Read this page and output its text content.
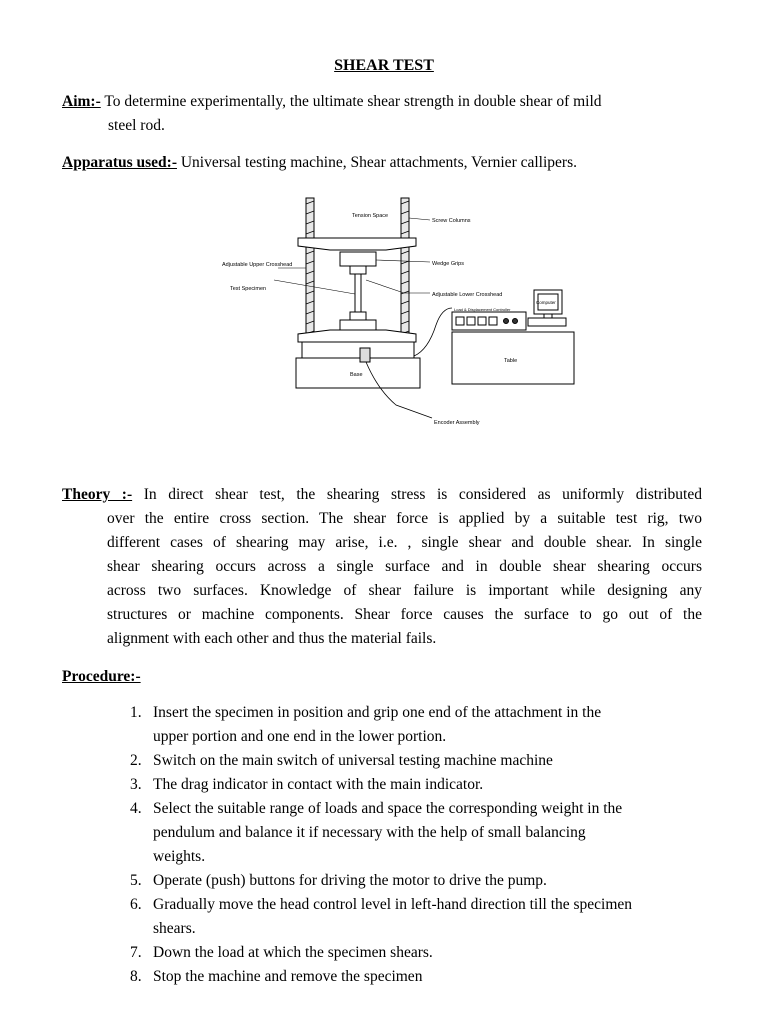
SHEAR TEST
Aim:- To determine experimentally, the ultimate shear strength in double shear of mild
steel rod.
Apparatus used:- Universal testing machine, Shear attachments, Vernier callipers.
Tension Space
Screw Columns
Adjustable Upper Crosshead	Wedge Grips
Test Specimen
Adjustable Lower Crosshead
Computer
Load & Displacement Controller
Table
Base
Encoder Assembly
Theory :- In direct shear test, the shearing stress is considered as uniformly distributed
over the entire cross section. The shear force is applied by a suitable test rig, two
different cases of shearing may arise, i.e. , single shear and double shear. In single
shear shearing occurs across a single surface and in double shear shearing occurs
across two surfaces. Knowledge of shear failure is important while designing any
structures or machine components. Shear force causes the surface to go out of the
alignment with each other and thus the material fails.
Procedure:-
1. Insert the specimen in position and grip one end of the attachment in the
upper portion and one end in the lower portion.
2. Switch on the main switch of universal testing machine machine
3. The drag indicator in contact with the main indicator.
4. Select the suitable range of loads and space the corresponding weight in the
pendulum and balance it if necessary with the help of small balancing
weights.
5. Operate (push) buttons for driving the motor to drive the pump.
6. Gradually move the head control level in left-hand direction till the specimen
shears.
7. Down the load at which the specimen shears.
8. Stop the machine and remove the specimen
